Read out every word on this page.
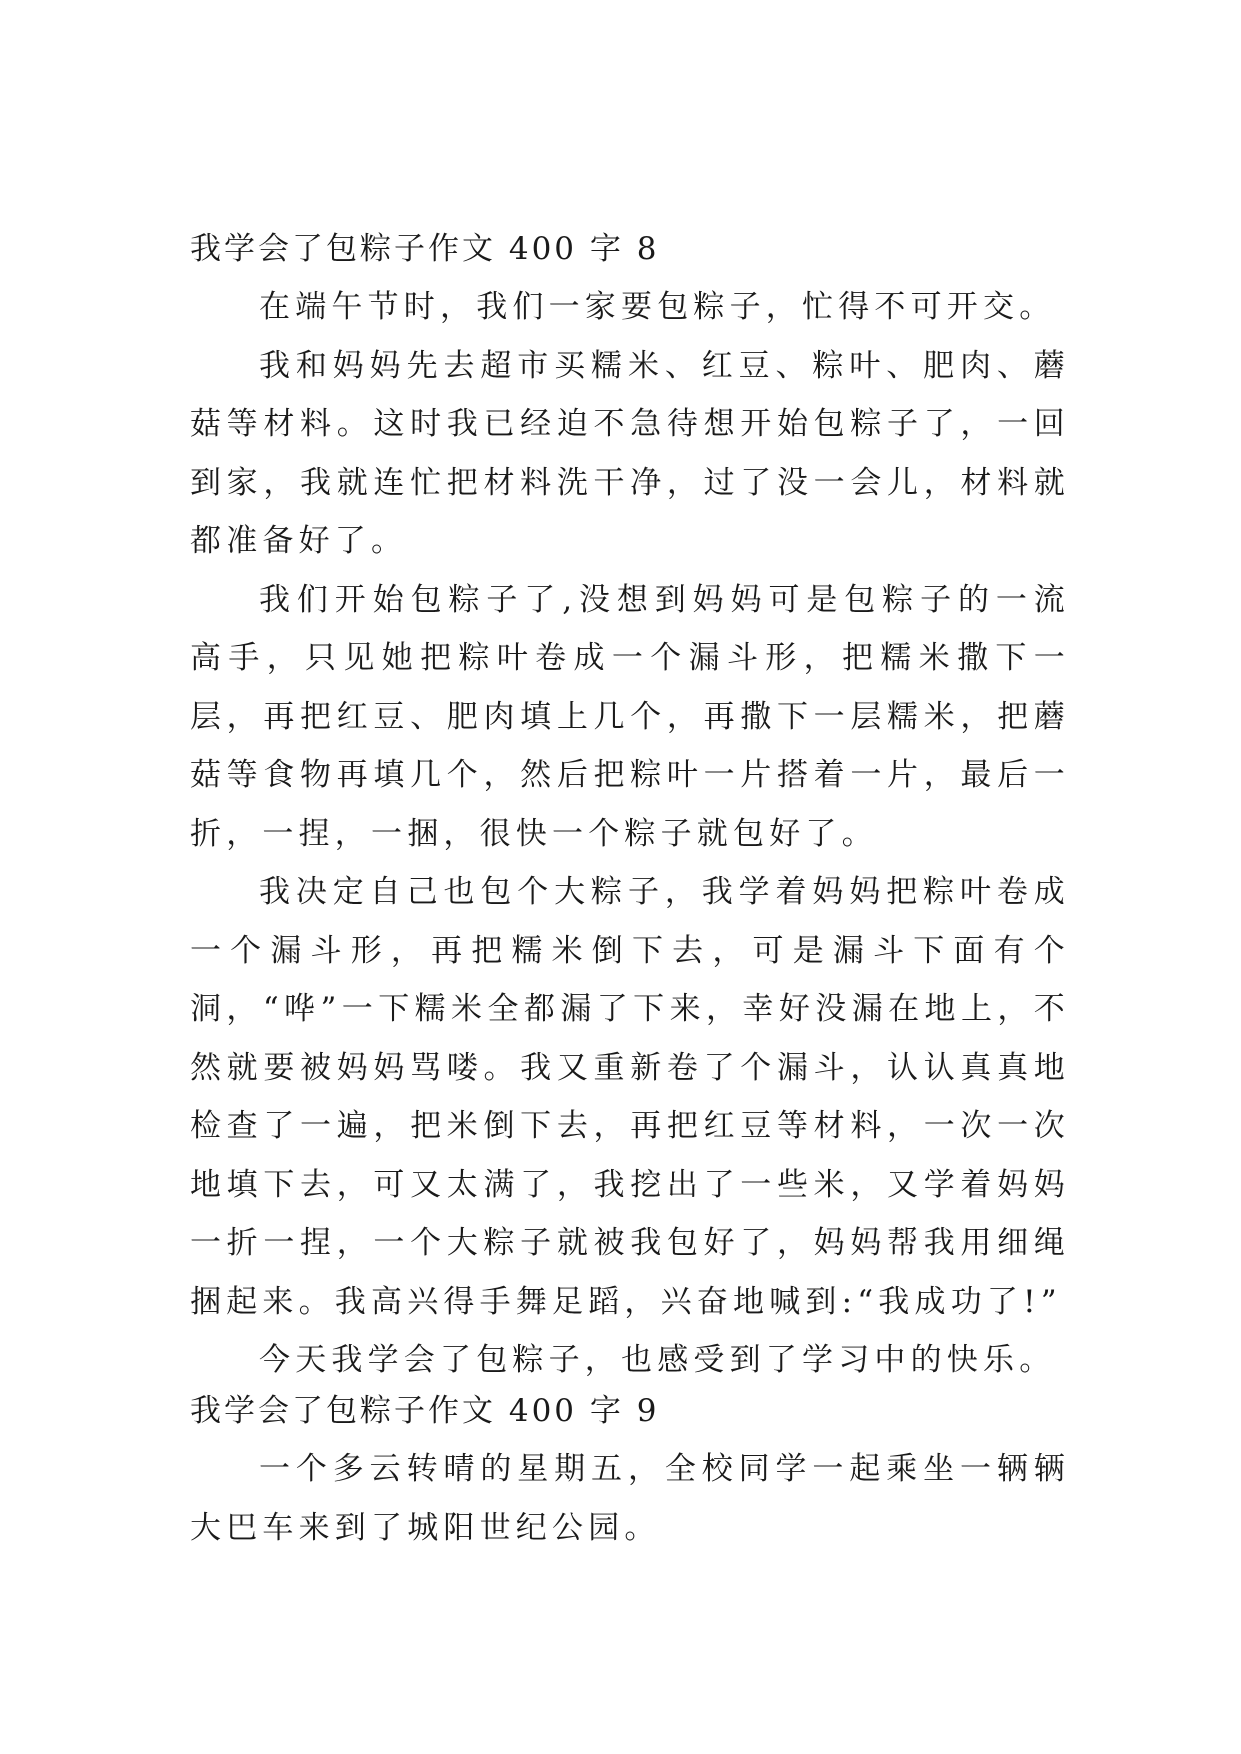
我学会了包粽子作文 400 字 8

在端午节时，我们一家要包粽子，忙得不可开交。

我和妈妈先去超市买糯米、红豆、粽叶、肥肉、蘑菇等材料。这时我已经迫不急待想开始包粽子了，一回到家，我就连忙把材料洗干净，过了没一会儿，材料就都准备好了。

我们开始包粽子了,没想到妈妈可是包粽子的一流高手，只见她把粽叶卷成一个漏斗形，把糯米撒下一层，再把红豆、肥肉填上几个，再撒下一层糯米，把蘑菇等食物再填几个，然后把粽叶一片搭着一片，最后一折，一捏，一捆，很快一个粽子就包好了。

我决定自己也包个大粽子，我学着妈妈把粽叶卷成一个漏斗形，再把糯米倒下去，可是漏斗下面有个洞，“哗”一下糯米全都漏了下来，幸好没漏在地上，不然就要被妈妈骂喽。我又重新卷了个漏斗，认认真真地检查了一遍，把米倒下去，再把红豆等材料，一次一次地填下去，可又太满了，我挖出了一些米，又学着妈妈一折一捏，一个大粽子就被我包好了，妈妈帮我用细绳捆起来。我高兴得手舞足蹈，兴奋地喊到:“我成功了!”

今天我学会了包粽子，也感受到了学习中的快乐。

我学会了包粽子作文 400 字 9

一个多云转晴的星期五，全校同学一起乘坐一辆辆大巴车来到了城阳世纪公园。
